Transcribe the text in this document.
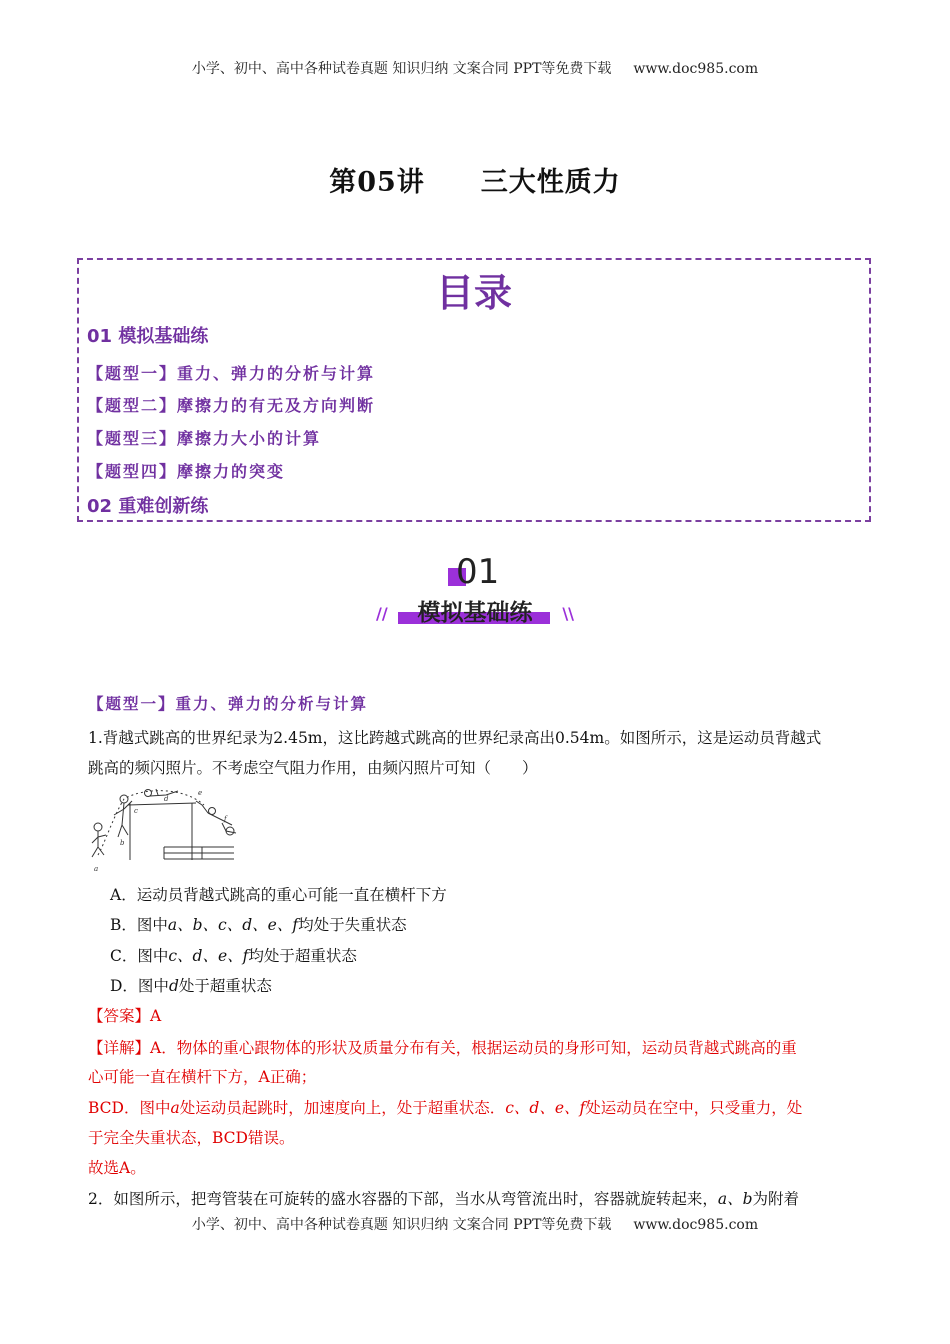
小学、初中、高中各种试卷真题 知识归纳 文案合同 PPT等免费下载 www.doc985.com
第05讲 三大性质力
目录
01 模拟基础练
【题型一】重力、弹力的分析与计算
【题型二】摩擦力的有无及方向判断
【题型三】摩擦力大小的计算
【题型四】摩擦力的突变
02 重难创新练
01
//	模拟基础练	\\
【题型一】重力、弹力的分析与计算
1.背越式跳高的世界纪录为2.45m，这比跨越式跳高的世界纪录高出0.54m。如图所示，这是运动员背越式
跳高的频闪照片。不考虑空气阻力作用，由频闪照片可知（　　）
a
b
c
d
e
f
A．运动员背越式跳高的重心可能一直在横杆下方
B．图中a、b、c、d、e、f均处于失重状态
C．图中c、d、e、f均处于超重状态
D．图中d处于超重状态
【答案】A
【详解】A．物体的重心跟物体的形状及质量分布有关，根据运动员的身形可知，运动员背越式跳高的重
心可能一直在横杆下方，A正确；
BCD．图中a处运动员起跳时，加速度向上，处于超重状态．c、d、e、f处运动员在空中，只受重力，处
于完全失重状态，BCD错误。
故选A。
2．如图所示，把弯管装在可旋转的盛水容器的下部，当水从弯管流出时，容器就旋转起来，a、b为附着
小学、初中、高中各种试卷真题 知识归纳 文案合同 PPT等免费下载 www.doc985.com
